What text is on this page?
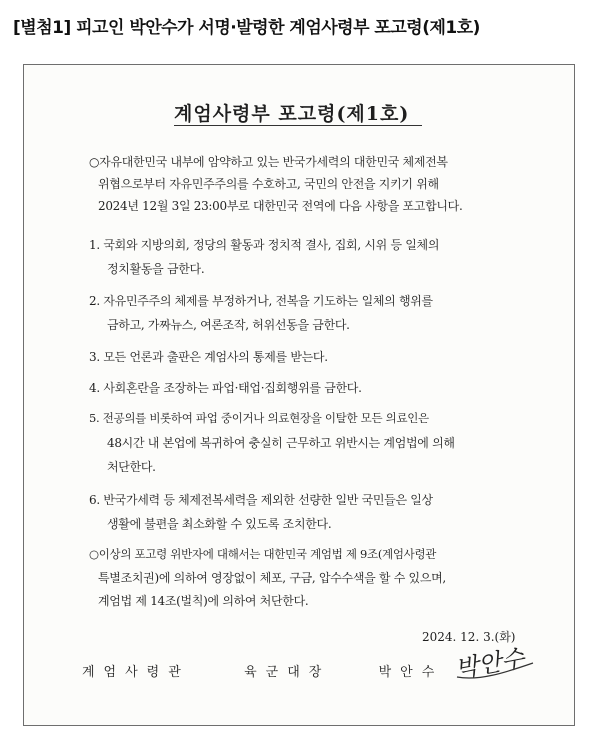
[별첨1] 피고인 박안수가 서명·발령한 계엄사령부 포고령(제1호)
계엄사령부 포고령(제1호)
○자유대한민국 내부에 암약하고 있는 반국가세력의 대한민국 체제전복
위협으로부터 자유민주주의를 수호하고, 국민의 안전을 지키기 위해
2024년 12월 3일 23:00부로 대한민국 전역에 다음 사항을 포고합니다.
1. 국회와 지방의회, 정당의 활동과 정치적 결사, 집회, 시위 등 일체의
정치활동을 금한다.
2. 자유민주주의 체제를 부정하거나, 전복을 기도하는 일체의 행위를
금하고, 가짜뉴스, 여론조작, 허위선동을 금한다.
3. 모든 언론과 출판은 계엄사의 통제를 받는다.
4. 사회혼란을 조장하는 파업·태업·집회행위를 금한다.
5. 전공의를 비롯하여 파업 중이거나 의료현장을 이탈한 모든 의료인은
48시간 내 본업에 복귀하여 충실히 근무하고 위반시는 계엄법에 의해
처단한다.
6. 반국가세력 등 체제전복세력을 제외한 선량한 일반 국민들은 일상
생활에 불편을 최소화할 수 있도록 조치한다.
○이상의 포고령 위반자에 대해서는 대한민국 계엄법 제 9조(계엄사령관
특별조치권)에 의하여 영장없이 체포, 구금, 압수수색을 할 수 있으며,
계엄법 제 14조(벌칙)에 의하여 처단한다.
2024. 12. 3.(화)
계엄사령관	육군대장	박안수 박안수
